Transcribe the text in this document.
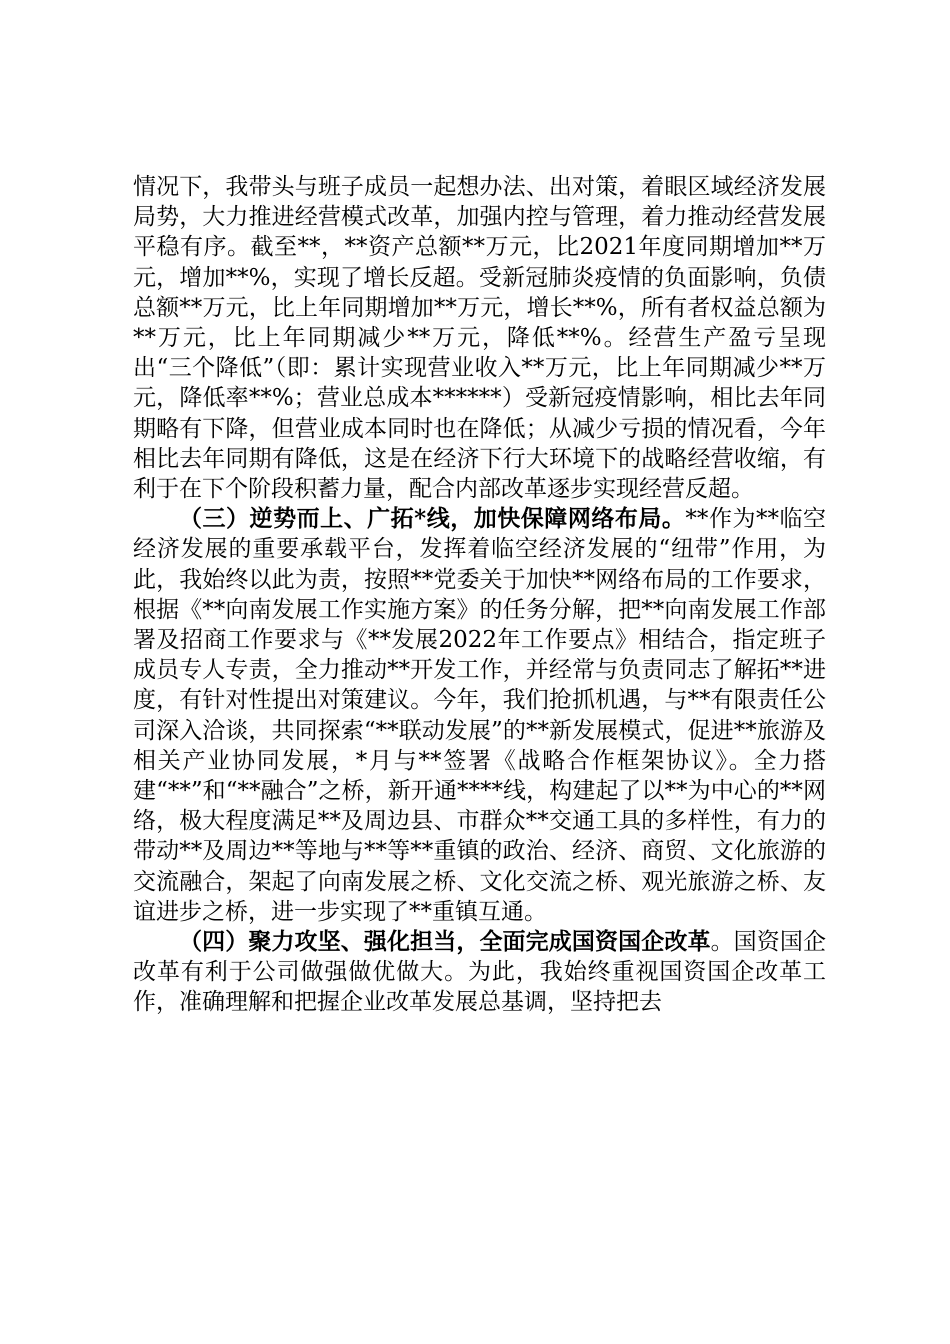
情况下，我带头与班子成员一起想办法、出对策，着眼区域经济发展局势，大力推进经营模式改革，加强内控与管理，着力推动经营发展平稳有序。截至**，**资产总额**万元，比2021年度同期增加**万元，增加**%，实现了增长反超。受新冠肺炎疫情的负面影响，负债总额**万元，比上年同期增加**万元，增长**%，所有者权益总额为**万元，比上年同期减少**万元，降低**%。经营生产盈亏呈现出“三个降低”（即：累计实现营业收入**万元，比上年同期减少**万元，降低率**%；营业总成本******）受新冠疫情影响，相比去年同期略有下降，但营业成本同时也在降低；从减少亏损的情况看，今年相比去年同期有降低，这是在经济下行大环境下的战略经营收缩，有利于在下个阶段积蓄力量，配合内部改革逐步实现经营反超。

（三）逆势而上、广拓*线，加快保障网络布局。**作为**临空经济发展的重要承载平台，发挥着临空经济发展的“纽带”作用，为此，我始终以此为责，按照**党委关于加快**网络布局的工作要求，根据《**向南发展工作实施方案》的任务分解，把**向南发展工作部署及招商工作要求与《**发展2022年工作要点》相结合，指定班子成员专人专责，全力推动**开发工作，并经常与负责同志了解拓**进度，有针对性提出对策建议。今年，我们抢抓机遇，与**有限责任公司深入洽谈，共同探索“**联动发展”的**新发展模式，促进**旅游及相关产业协同发展，*月与**签署《战略合作框架协议》。全力搭建“**”和“**融合”之桥，新开通****线，构建起了以**为中心的**网络，极大程度满足**及周边县、市群众**交通工具的多样性，有力的带动**及周边**等地与**等**重镇的政治、经济、商贸、文化旅游的交流融合，架起了向南发展之桥、文化交流之桥、观光旅游之桥、友谊进步之桥，进一步实现了**重镇互通。

（四）聚力攻坚、强化担当，全面完成国资国企改革。国资国企改革有利于公司做强做优做大。为此，我始终重视国资国企改革工作，准确理解和把握企业改革发展总基调，坚持把去
